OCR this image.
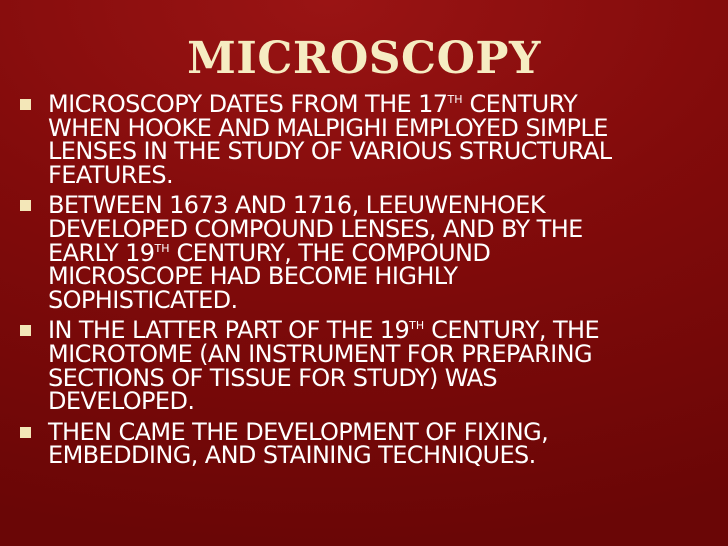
MICROSCOPY
MICROSCOPY DATES FROM THE 17TH CENTURY
WHEN HOOKE AND MALPIGHI EMPLOYED SIMPLE
LENSES IN THE STUDY OF VARIOUS STRUCTURAL
FEATURES.
BETWEEN 1673 AND 1716, LEEUWENHOEK
DEVELOPED COMPOUND LENSES, AND BY THE
EARLY 19TH CENTURY, THE COMPOUND
MICROSCOPE HAD BECOME HIGHLY
SOPHISTICATED.
IN THE LATTER PART OF THE 19TH CENTURY, THE
MICROTOME (AN INSTRUMENT FOR PREPARING
SECTIONS OF TISSUE FOR STUDY) WAS
DEVELOPED.
THEN CAME THE DEVELOPMENT OF FIXING,
EMBEDDING, AND STAINING TECHNIQUES.
